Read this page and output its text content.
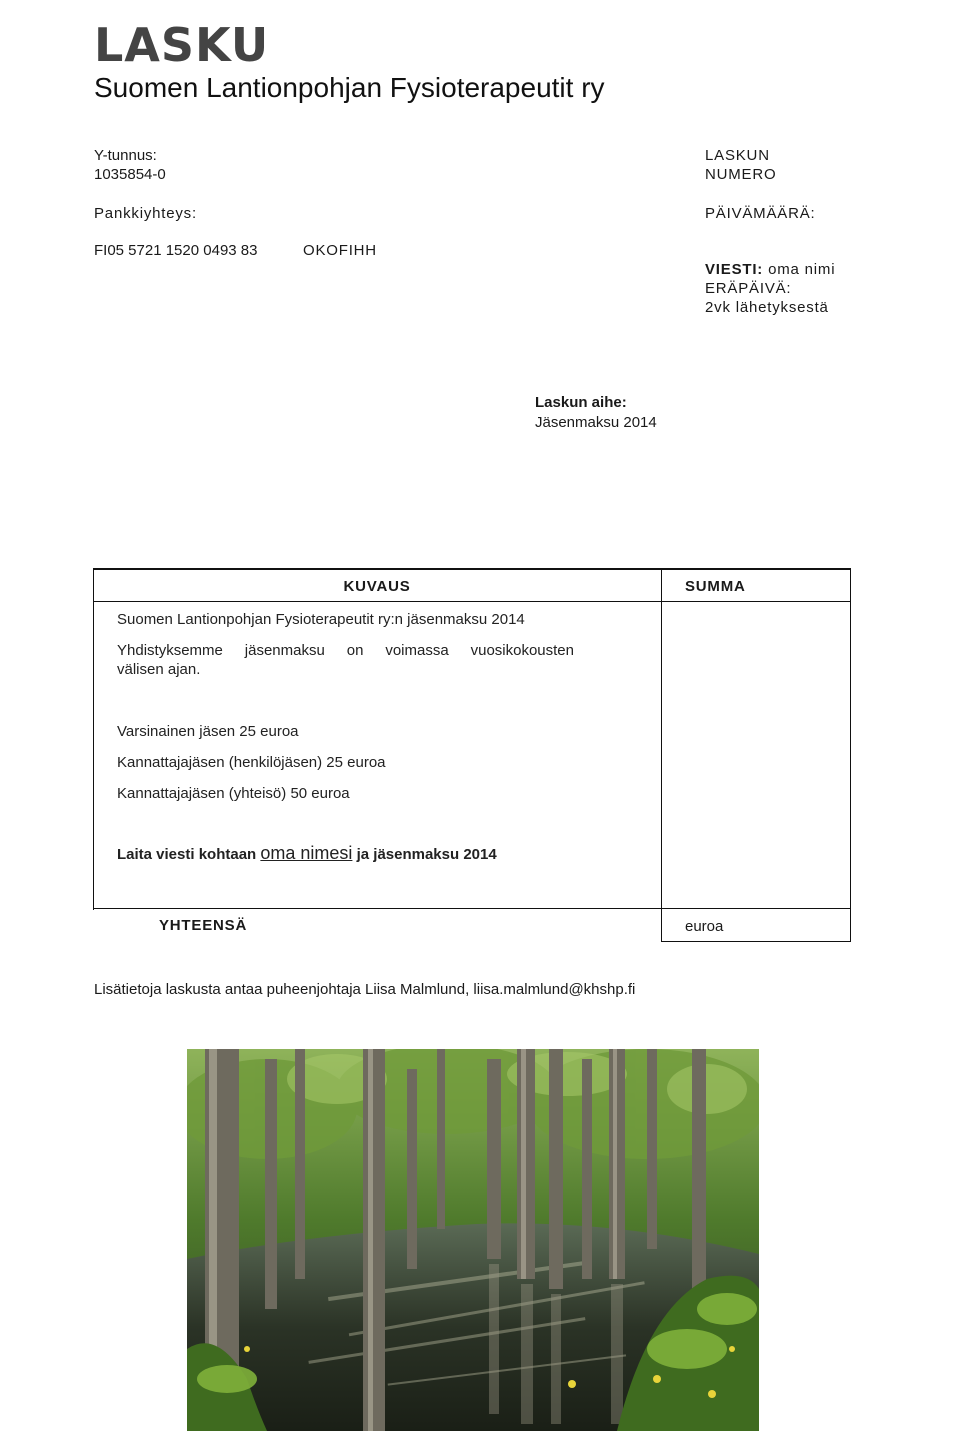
LASKU
Suomen Lantionpohjan Fysioterapeutit ry
Y-tunnus:
1035854-0
Pankkiyhteys:
FI05 5721 1520 0493 83	OKOFIHH
LASKUN
NUMERO
PÄIVÄMÄÄRÄ:
VIESTI: oma nimi
ERÄPÄIVÄ:
2vk lähetyksestä
Laskun aihe:
Jäsenmaksu 2014
KUVAUS	SUMMA
Suomen Lantionpohjan Fysioterapeutit ry:n jäsenmaksu 2014
Yhdistyksemme jäsenmaksu on voimassa vuosikokousten
välisen ajan.
Varsinainen jäsen 25 euroa
Kannattajajäsen (henkilöjäsen) 25 euroa
Kannattajajäsen (yhteisö) 50 euroa
Laita viesti kohtaan oma nimesi ja jäsenmaksu 2014
YHTEENSÄ	euroa
Lisätietoja laskusta antaa puheenjohtaja Liisa Malmlund, liisa.malmlund@khshp.fi
